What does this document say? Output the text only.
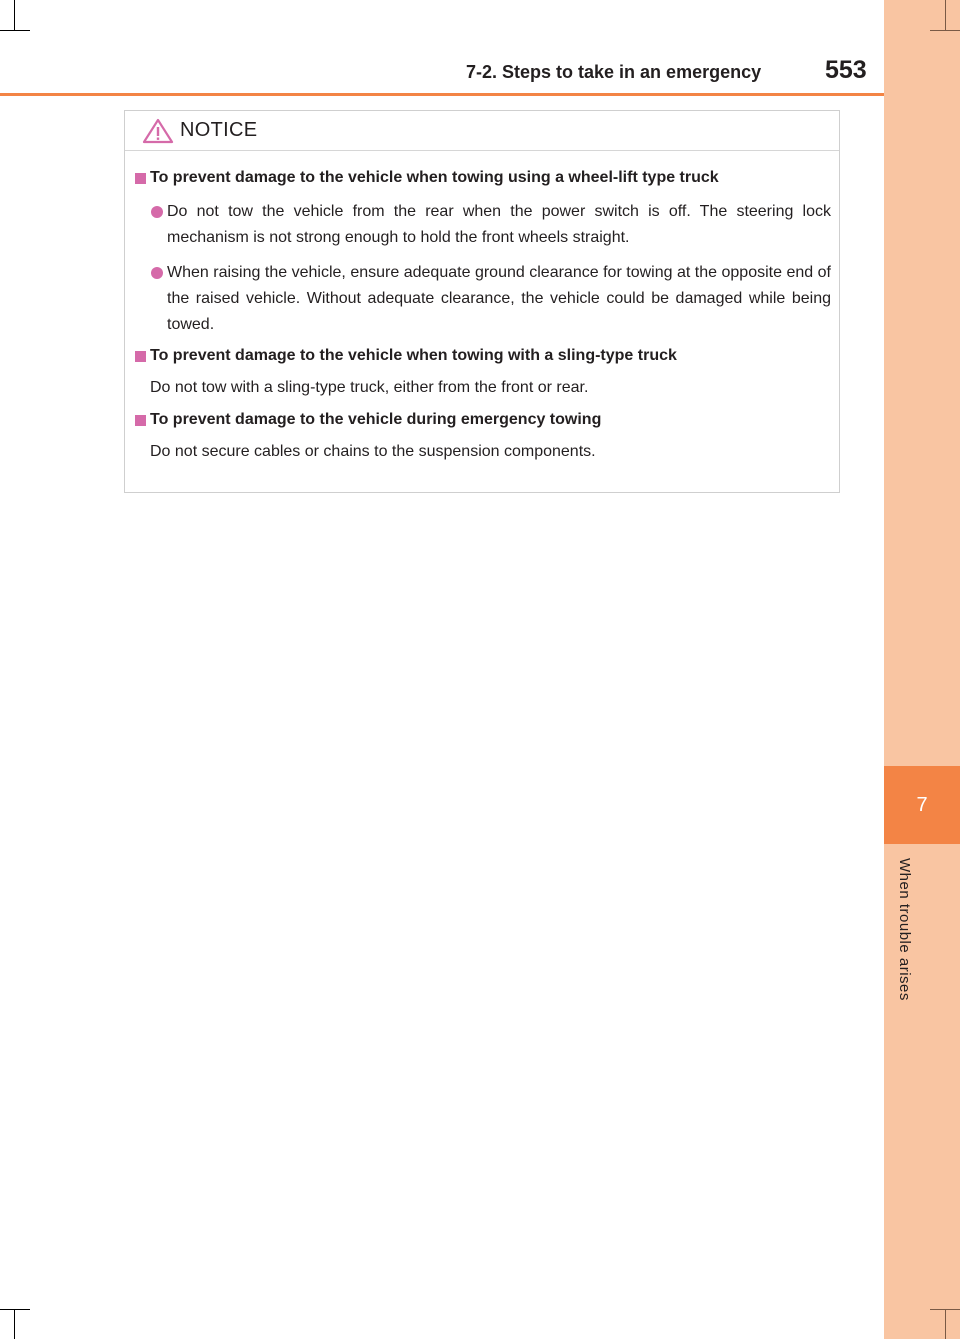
7
When trouble arises
7-2. Steps to take in an emergency	553
NOTICE
To prevent damage to the vehicle when towing using a wheel-lift type truck
Do not tow the vehicle from the rear when the power switch is off. The steering lock mechanism is not strong enough to hold the front wheels straight.
When raising the vehicle, ensure adequate ground clearance for towing at the opposite end of the raised vehicle. Without adequate clearance, the vehicle could be damaged while being towed.
To prevent damage to the vehicle when towing with a sling-type truck
Do not tow with a sling-type truck, either from the front or rear.
To prevent damage to the vehicle during emergency towing
Do not secure cables or chains to the suspension components.
